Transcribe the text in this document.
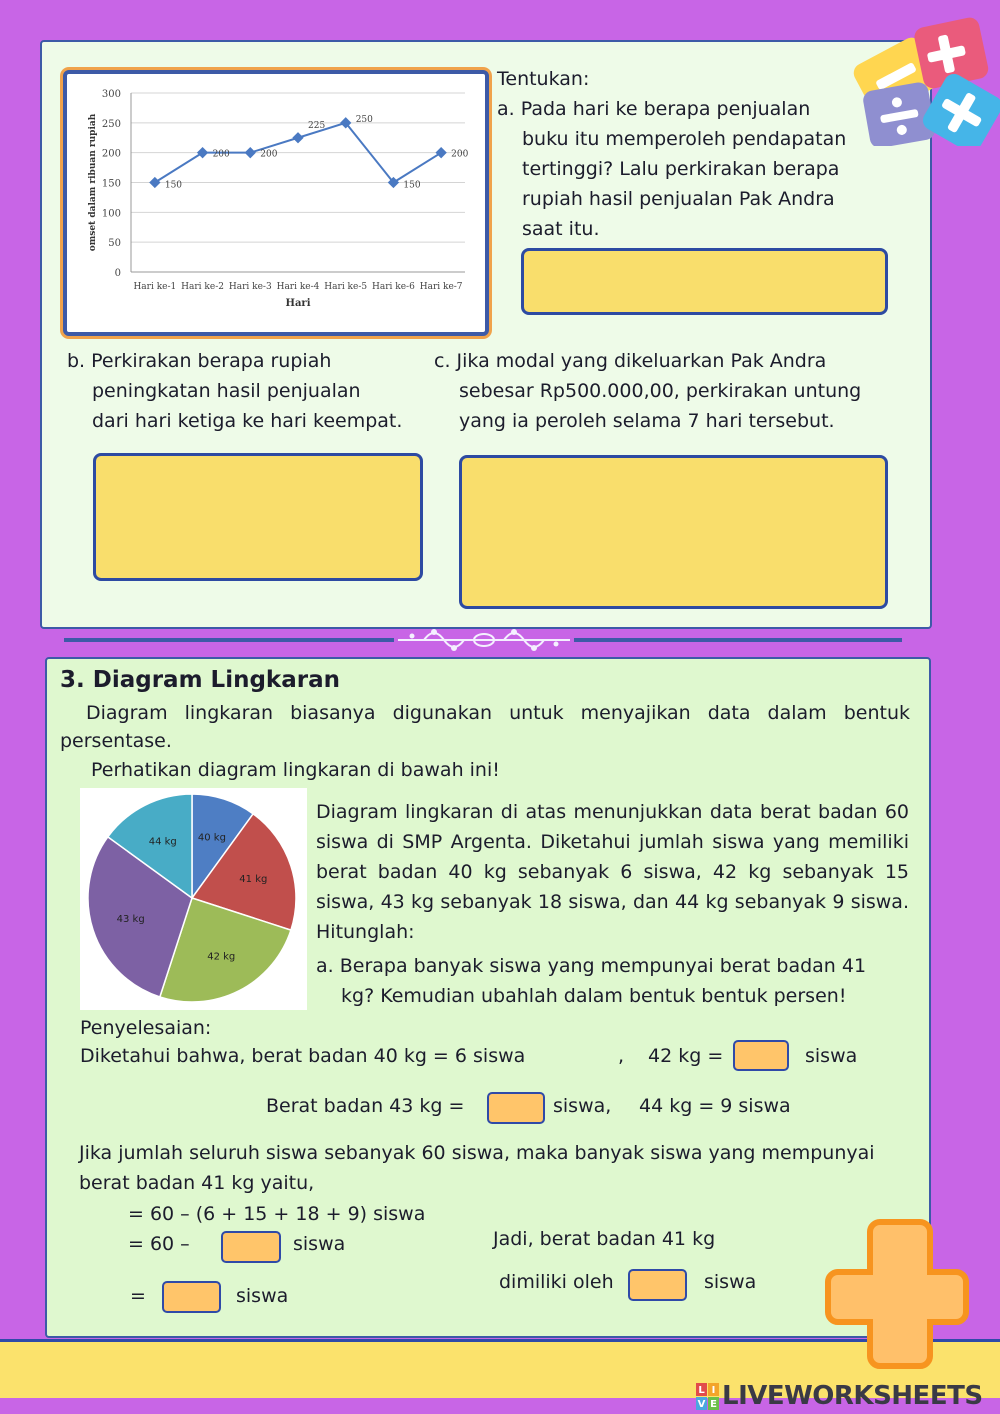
0
50
100
150
200
250
300
Hari ke-1 Hari ke-2 Hari ke-3 Hari ke-4 Hari ke-5 Hari ke-6 Hari ke-7
Hari
omset dalam ribuan rupiah	150
200	200
225
250
150
200
Tentukan:
a. Pada hari ke berapa penjualan
buku itu memperoleh pendapatan
tertinggi? Lalu perkirakan berapa
rupiah hasil penjualan Pak Andra
saat itu.
b. Perkirakan berapa rupiah
peningkatan hasil penjualan
dari hari ketiga ke hari keempat.
c. Jika modal yang dikeluarkan Pak Andra
sebesar Rp500.000,00, perkirakan untung
yang ia peroleh selama 7 hari tersebut.
3. Diagram Lingkaran
Diagram lingkaran biasanya digunakan untuk menyajikan data dalam bentuk persentase.
Perhatikan diagram lingkaran di bawah ini!
40 kg
41 kg
42 kg
43 kg
44 kg
Diagram lingkaran di atas menunjukkan data berat badan 60 siswa di SMP Argenta. Diketahui jumlah siswa yang memiliki berat badan 40 kg sebanyak 6 siswa, 42 kg sebanyak 15 siswa, 43 kg sebanyak 18 siswa, dan 44 kg sebanyak 9 siswa. Hitunglah:
a. Berapa banyak siswa yang mempunyai berat badan 41
kg? Kemudian ubahlah dalam bentuk bentuk persen!
Penyelesaian:
Diketahui bahwa, berat badan 40 kg = 6 siswa	, 42 kg =	siswa
Berat badan 43 kg =	siswa, 44 kg = 9 siswa
Jika jumlah seluruh siswa sebanyak 60 siswa, maka banyak siswa yang mempunyai
berat badan 41 kg yaitu,
= 60 – (6 + 15 + 18 + 9) siswa
= 60 –	siswa
=	siswa
Jadi, berat badan 41 kg
dimiliki oleh	siswa
L I
V E LIVEWORKSHEETS
